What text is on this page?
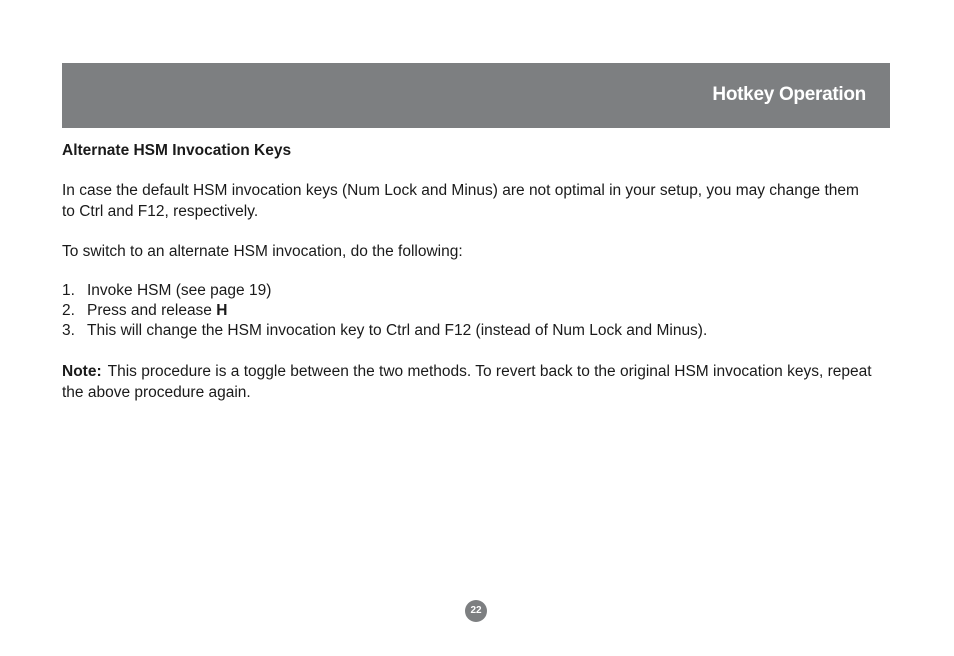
Hotkey Operation

Alternate HSM Invocation Keys

In case the default HSM invocation keys (Num Lock and Minus) are not optimal in your setup, you may change them to Ctrl and F12, respectively.

To switch to an alternate HSM invocation, do the following:

1. Invoke HSM (see page 19)
2. Press and release H
3. This will change the HSM invocation key to Ctrl and F12 (instead of Num Lock and Minus).

Note: This procedure is a toggle between the two methods. To revert back to the original HSM invocation keys, repeat the above procedure again.

22
